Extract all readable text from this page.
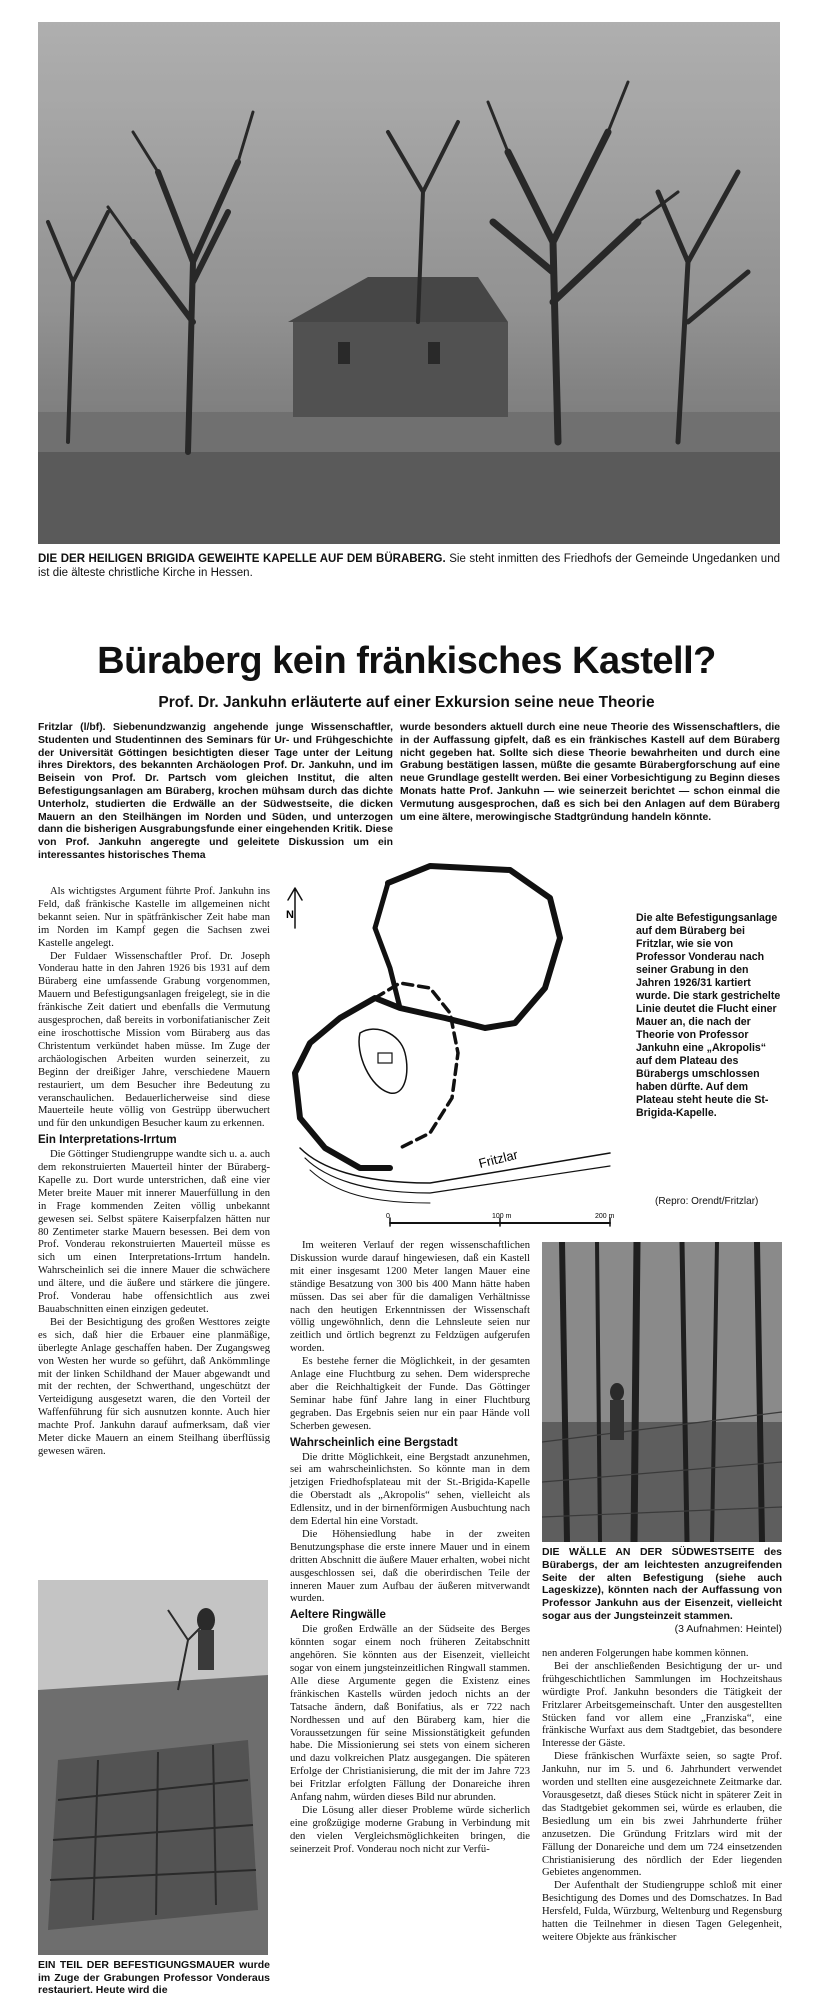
DIE DER HEILIGEN BRIGIDA GEWEIHTE KAPELLE AUF DEM BÜRABERG. Sie steht inmitten des Friedhofs der Gemeinde Ungedanken und ist die älteste christliche Kirche in Hessen.
Büraberg kein fränkisches Kastell?
Prof. Dr. Jankuhn erläuterte auf einer Exkursion seine neue Theorie
Fritzlar (l/bf). Siebenundzwanzig angehende junge Wissenschaftler, Studenten und Studentinnen des Seminars für Ur- und Frühgeschichte der Universität Göttingen besichtigten dieser Tage unter der Leitung ihres Direktors, des bekannten Archäologen Prof. Dr. Jankuhn, und im Beisein von Prof. Dr. Partsch vom gleichen Institut, die alten Befestigungsanlagen am Büraberg, krochen mühsam durch das dichte Unterholz, studierten die Erdwälle an der Südwestseite, die dicken Mauern an den Steilhängen im Norden und Süden, und unterzogen dann die bisherigen Ausgrabungsfunde einer eingehenden Kritik. Diese von Prof. Jankuhn angeregte und geleitete Diskussion um ein interessantes historisches Thema
wurde besonders aktuell durch eine neue Theorie des Wissenschaftlers, die in der Auffassung gipfelt, daß es ein fränkisches Kastell auf dem Büraberg nicht gegeben hat. Sollte sich diese Theorie bewahrheiten und durch eine Grabung bestätigen lassen, müßte die gesamte Bürabergforschung auf eine neue Grundlage gestellt werden. Bei einer Vorbesichtigung zu Beginn dieses Monats hatte Prof. Jankuhn — wie seinerzeit berichtet — schon einmal die Vermutung ausgesprochen, daß es sich bei den Anlagen auf dem Büraberg um eine ältere, merowingische Stadtgründung handeln könnte.
N
Fritzlar
0	100 m	200 m
Die alte Befestigungsanlage auf dem Büraberg bei Fritzlar, wie sie von Professor Vonderau nach seiner Grabung in den Jahren 1926/31 kartiert wurde. Die stark gestrichelte Linie deutet die Flucht einer Mauer an, die nach der Theorie von Professor Jankuhn eine „Akropolis“ auf dem Plateau des Bürabergs umschlossen haben dürfte. Auf dem Plateau steht heute die St-Brigida-Kapelle.
(Repro: Orendt/Fritzlar)

Als wichtigstes Argument führte Prof. Jankuhn ins Feld, daß fränkische Kastelle im allgemeinen nicht bekannt seien. Nur in spätfränkischer Zeit habe man im Norden im Kampf gegen die Sachsen zwei Kastelle angelegt.

Der Fuldaer Wissenschaftler Prof. Dr. Joseph Vonderau hatte in den Jahren 1926 bis 1931 auf dem Büraberg eine umfassende Grabung vorgenommen, Mauern und Befestigungsanlagen freigelegt, sie in die fränkische Zeit datiert und ebenfalls die Vermutung ausgesprochen, daß bereits in vorbonifatianischer Zeit eine iroschottische Mission vom Büraberg aus das Christentum verkündet haben müsse. Im Zuge der archäologischen Arbeiten wurden seinerzeit, zu Beginn der dreißiger Jahre, verschiedene Mauern restauriert, um dem Besucher ihre Bedeutung zu veranschaulichen. Bedauerlicherweise sind diese Mauerteile heute völlig von Gestrüpp überwuchert und für den unkundigen Besucher kaum zu erkennen.

Ein Interpretations-Irrtum

Die Göttinger Studiengruppe wandte sich u. a. auch dem rekonstruierten Mauerteil hinter der Büraberg-Kapelle zu. Dort wurde unterstrichen, daß eine vier Meter breite Mauer mit innerer Mauerfüllung in den in Frage kommenden Zeiten völlig unbekannt gewesen sei. Selbst spätere Kaiserpfalzen hätten nur 80 Zentimeter starke Mauern besessen. Bei dem von Prof. Vonderau rekonstruierten Mauerteil müsse es sich um einen Interpretations-Irrtum handeln. Wahrscheinlich sei die innere Mauer die schwächere und ältere, und die äußere und stärkere die jüngere. Prof. Vonderau habe offensichtlich aus zwei Bauabschnitten einen einzigen gedeutet.

Bei der Besichtigung des großen Westtores zeigte es sich, daß hier die Erbauer eine planmäßige, überlegte Anlage geschaffen haben. Der Zugangsweg von Westen her wurde so geführt, daß Ankömmlinge mit der linken Schildhand der Mauer abgewandt und mit der rechten, der Schwerthand, ungeschützt der Verteidigung ausgesetzt waren, die den Vorteil der Waffenführung für sich ausnutzen konnte. Auch hier machte Prof. Jankuhn darauf aufmerksam, daß vier Meter dicke Mauern an einem Steilhang überflüssig gewesen wären.

EIN TEIL DER BEFESTIGUNGSMAUER wurde im Zuge der Grabungen Professor Vonderaus restauriert. Heute wird die

Im weiteren Verlauf der regen wissenschaftlichen Diskussion wurde darauf hingewiesen, daß ein Kastell mit einer insgesamt 1200 Meter langen Mauer eine ständige Besatzung von 300 bis 400 Mann hätte haben müssen. Das sei aber für die damaligen Verhältnisse nach den heutigen Erkenntnissen der Wissenschaft völlig ungewöhnlich, denn die Lehnsleute seien nur zeitlich und örtlich begrenzt zu Feldzügen aufgerufen worden.

Es bestehe ferner die Möglichkeit, in der gesamten Anlage eine Fluchtburg zu sehen. Dem widerspreche aber die Reichhaltigkeit der Funde. Das Göttinger Seminar habe fünf Jahre lang in einer Fluchtburg gegraben. Das Ergebnis seien nur ein paar Hände voll Scherben gewesen.

Wahrscheinlich eine Bergstadt

Die dritte Möglichkeit, eine Bergstadt anzunehmen, sei am wahrscheinlichsten. So könnte man in dem jetzigen Friedhofsplateau mit der St.-Brigida-Kapelle die Oberstadt als „Akropolis“ sehen, vielleicht als Edlensitz, und in der birnenförmigen Ausbuchtung nach dem Edertal hin eine Vorstadt.

Die Höhensiedlung habe in der zweiten Benutzungsphase die erste innere Mauer und in einem dritten Abschnitt die äußere Mauer erhalten, wobei nicht ausgeschlossen sei, daß die oberirdischen Teile der inneren Mauer zum Aufbau der äußeren mitverwandt wurden.

Aeltere Ringwälle

Die großen Erdwälle an der Südseite des Berges könnten sogar einem noch früheren Zeitabschnitt angehören. Sie könnten aus der Eisenzeit, vielleicht sogar von einem jungsteinzeitlichen Ringwall stammen. Alle diese Argumente gegen die Existenz eines fränkischen Kastells würden jedoch nichts an der Tatsache ändern, daß Bonifatius, als er 722 nach Nordhessen und auf den Büraberg kam, hier die Voraussetzungen für seine Missionstätigkeit gefunden habe. Die Missionierung sei stets von einem sicheren und dazu volkreichen Platz ausgegangen. Die späteren Erfolge der Christianisierung, die mit der im Jahre 723 bei Fritzlar erfolgten Fällung der Donareiche ihren Anfang nahm, würden dieses Bild nur abrunden.

Die Lösung aller dieser Probleme würde sicherlich eine großzügige moderne Grabung in Verbindung mit den vielen Vergleichsmöglichkeiten bringen, die seinerzeit Prof. Vonderau noch nicht zur Verfü-

DIE WÄLLE AN DER SÜDWESTSEITE des Bürabergs, der am leichtesten anzugreifenden Seite der alten Befestigung (siehe auch Lageskizze), könnten nach der Auffassung von Professor Jankuhn aus der Eisenzeit, vielleicht sogar aus der Jungsteinzeit stammen.
(3 Aufnahmen: Heintel)

nen anderen Folgerungen habe kommen können.

Bei der anschließenden Besichtigung der ur- und frühgeschichtlichen Sammlungen im Hochzeitshaus würdigte Prof. Jankuhn besonders die Tätigkeit der Fritzlarer Arbeitsgemeinschaft. Unter den ausgestellten Stücken fand vor allem eine „Franziska“, eine fränkische Wurfaxt aus dem Stadtgebiet, das besondere Interesse der Gäste.

Diese fränkischen Wurfäxte seien, so sagte Prof. Jankuhn, nur im 5. und 6. Jahrhundert verwendet worden und stellten eine ausgezeichnete Zeitmarke dar. Vorausgesetzt, daß dieses Stück nicht in späterer Zeit in das Stadtgebiet gekommen sei, würde es erlauben, die Besiedlung um ein bis zwei Jahrhunderte früher anzusetzen. Die Gründung Fritzlars wird mit der Fällung der Donareiche und dem um 724 einsetzenden Christianisierung des nördlich der Eder liegenden Gebietes angenommen.

Der Aufenthalt der Studiengruppe schloß mit einer Besichtigung des Domes und des Domschatzes. In Bad Hersfeld, Fulda, Würzburg, Weltenburg und Regensburg hatten die Teilnehmer in diesen Tagen Gelegenheit, weitere Objekte aus fränkischer
